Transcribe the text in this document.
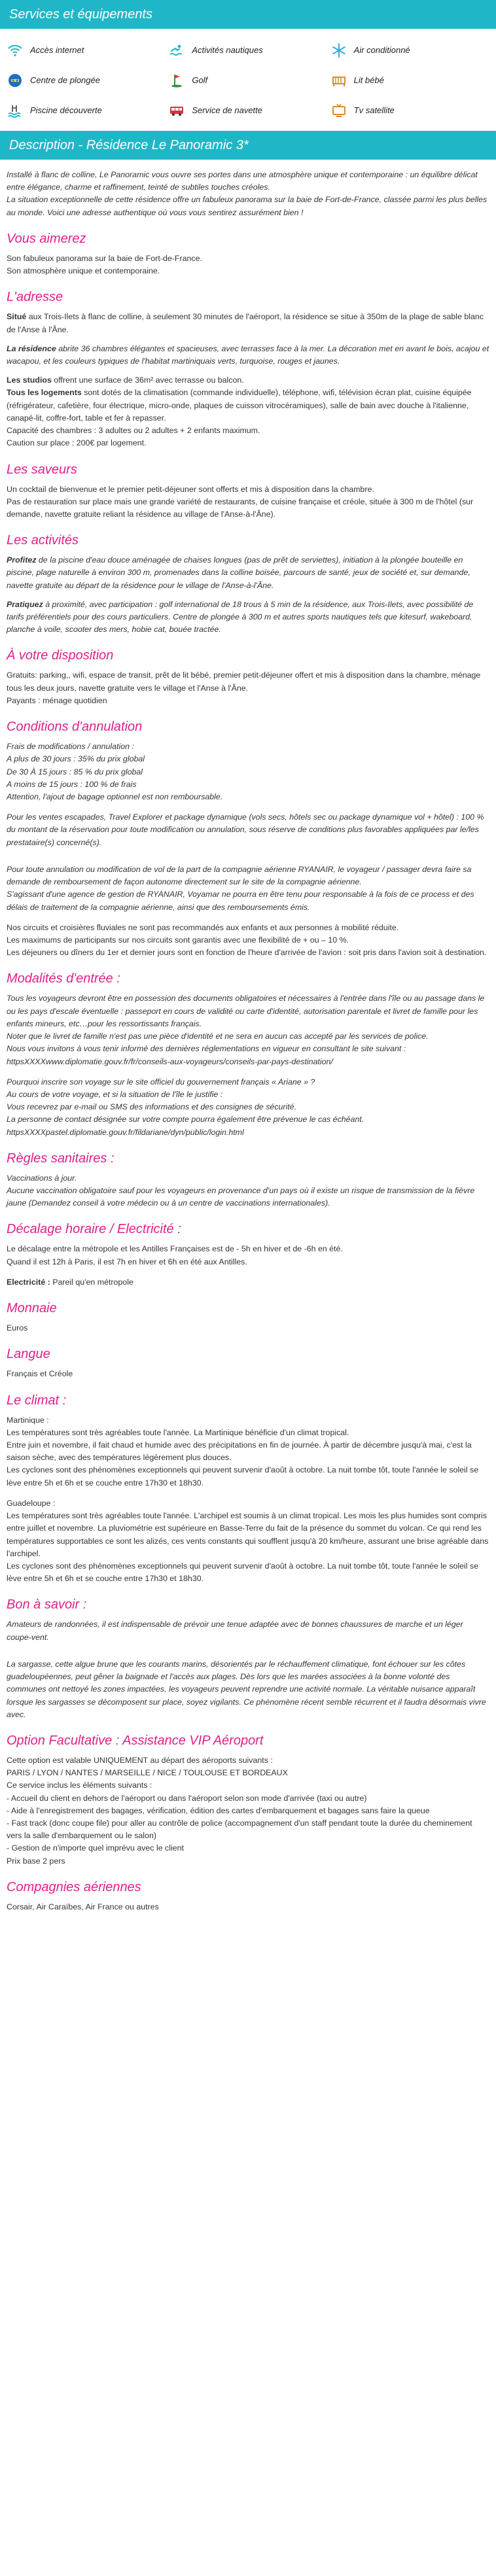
Services et équipements
Accès internet	Activités nautiques	Air conditionné
Centre de plongée	Golf	Lit bébé
Piscine découverte	Service de navette	Tv satellite
Description - Résidence Le Panoramic 3*
Installé à flanc de colline, Le Panoramic vous ouvre ses portes dans une atmosphère unique et contemporaine : un équilibre délicat entre élégance, charme et raffinement, teinté de subtiles touches créoles.
La situation exceptionnelle de cette résidence offre un fabuleux panorama sur la baie de Fort-de-France, classée parmi les plus belles au monde. Voici une adresse authentique où vous vous sentirez assurément bien !
Vous aimerez

Son fabuleux panorama sur la baie de Fort-de-France.

Son atmosphère unique et contemporaine.

L'adresse

Situé aux Trois-Ilets à flanc de colline, à seulement 30 minutes de l'aéroport, la résidence se situe à 350m de la plage de sable blanc de l'Anse à l'Âne.

La résidence abrite 36 chambres élégantes et spacieuses, avec terrasses face à la mer. La décoration met en avant le bois, acajou et wacapou, et les couleurs typiques de l'habitat martiniquais verts, turquoise, rouges et jaunes.

Les studios offrent une surface de 36m² avec terrasse ou balcon.

Tous les logements sont dotés de la climatisation (commande individuelle), téléphone, wifi, télévision écran plat, cuisine équipée (réfrigérateur, cafetière, four électrique, micro-onde, plaques de cuisson vitrocéramiques), salle de bain avec douche à l'italienne, canapé-lit, coffre-fort, table et fer à repasser.

Capacité des chambres : 3 adultes ou 2 adultes + 2 enfants maximum.

Caution sur place : 200€ par logement.

Les saveurs

Un cocktail de bienvenue et le premier petit-déjeuner sont offerts et mis à disposition dans la chambre.

Pas de restauration sur place mais une grande variété de restaurants, de cuisine française et créole, située à 300 m de l'hôtel (sur demande, navette gratuite reliant la résidence au village de l'Anse-à-l'Âne).

Les activités

Profitez de la piscine d'eau douce aménagée de chaises longues (pas de prêt de serviettes), initiation à la plongée bouteille en piscine, plage naturelle à environ 300 m, promenades dans la colline boisée, parcours de santé, jeux de société et, sur demande, navette gratuite au départ de la résidence pour le village de l'Anse-à-l'Âne.

Pratiquez à proximité, avec participation : golf international de 18 trous à 5 min de la résidence, aux Trois-Ilets, avec possibilité de tarifs préférentiels pour des cours particuliers. Centre de plongée à 300 m et autres sports nautiques tels que kitesurf, wakeboard, planche à voile, scooter des mers, hobie cat, bouée tractée.

À votre disposition

Gratuits: parking,, wifi, espace de transit, prêt de lit bébé, premier petit-déjeuner offert et mis à disposition dans la chambre, ménage tous les deux jours, navette gratuite vers le village et l'Anse à l'Âne.

Payants : ménage quotidien

Conditions d'annulation

Frais de modifications / annulation :

A plus de 30 jours : 35% du prix global

De 30 À 15 jours : 85 % du prix global

A moins de 15 jours : 100 % de frais

Attention, l'ajout de bagage optionnel est non remboursable.

Pour les ventes escapades, Travel Explorer et package dynamique (vols secs, hôtels sec ou package dynamique vol + hôtel) : 100 % du montant de la réservation pour toute modification ou annulation, sous réserve de conditions plus favorables appliquées par le/les prestataire(s) concerné(s).

Pour toute annulation ou modification de vol de la part de la compagnie aérienne RYANAIR, le voyageur / passager devra faire sa demande de remboursement de façon autonome directement sur le site de la compagnie aérienne.

S'agissant d'une agence de gestion de RYANAIR, Voyamar ne pourra en être tenu pour responsable à la fois de ce process et des délais de traitement de la compagnie aérienne, ainsi que des remboursements émis.

Nos circuits et croisières fluviales ne sont pas recommandés aux enfants et aux personnes à mobilité réduite.

Les maximums de participants sur nos circuits sont garantis avec une flexibilité de + ou – 10 %.

Les déjeuners ou dîners du 1er et dernier jours sont en fonction de l'heure d'arrivée de l'avion : soit pris dans l'avion soit à destination.

Modalités d'entrée :

Tous les voyageurs devront être en possession des documents obligatoires et nécessaires à l'entrée dans l'île ou au passage dans le ou les pays d'escale éventuelle : passeport en cours de validité ou carte d'identité, autorisation parentale et livret de famille pour les enfants mineurs, etc…pour les ressortissants français.

Noter que le livret de famille n'est pas une pièce d'identité et ne sera en aucun cas accepté par les services de police.

Nous vous invitons à vous tenir informé des dernières réglementations en vigueur en consultant le site suivant : httpsXXXXwww.diplomatie.gouv.fr/fr/conseils-aux-voyageurs/conseils-par-pays-destination/

Pourquoi inscrire son voyage sur le site officiel du gouvernement français « Ariane » ?

Au cours de votre voyage, et si la situation de l'île le justifie :

Vous recevrez par e-mail ou SMS des informations et des consignes de sécurité.

La personne de contact désignée sur votre compte pourra également être prévenue le cas échéant.

httpsXXXXpastel.diplomatie.gouv.fr/fildariane/dyn/public/login.html

Règles sanitaires :

Vaccinations à jour.

Aucune vaccination obligatoire sauf pour les voyageurs en provenance d'un pays où il existe un risque de transmission de la fièvre jaune (Demandez conseil à votre médecin ou à un centre de vaccinations internationales).

Décalage horaire / Electricité :

Le décalage entre la métropole et les Antilles Françaises est de - 5h en hiver et de -6h en été.

Quand il est 12h à Paris, il est 7h en hiver et 6h en été aux Antilles.

Electricité : Pareil qu'en métropole

Monnaie

Euros

Langue

Français et Créole

Le climat :

Martinique :

Les températures sont très agréables toute l'année. La Martinique bénéficie d'un climat tropical.

Entre juin et novembre, il fait chaud et humide avec des précipitations en fin de journée. À partir de décembre jusqu'à mai, c'est la saison sèche, avec des températures légèrement plus douces.

Les cyclones sont des phénomènes exceptionnels qui peuvent survenir d'août à octobre. La nuit tombe tôt, toute l'année le soleil se lève entre 5h et 6h et se couche entre 17h30 et 18h30.

Guadeloupe :

Les températures sont très agréables toute l'année. L'archipel est soumis à un climat tropical. Les mois les plus humides sont compris entre juillet et novembre. La pluviométrie est supérieure en Basse-Terre du fait de la présence du sommet du volcan. Ce qui rend les températures supportables ce sont les alizés, ces vents constants qui soufflent jusqu'à 20 km/heure, assurant une brise agréable dans l'archipel.

Les cyclones sont des phénomènes exceptionnels qui peuvent survenir d'août à octobre. La nuit tombe tôt, toute l'année le soleil se lève entre 5h et 6h et se couche entre 17h30 et 18h30.

Bon à savoir :

Amateurs de randonnées, il est indispensable de prévoir une tenue adaptée avec de bonnes chaussures de marche et un léger coupe-vent.

La sargasse, cette algue brune que les courants marins, désorientés par le réchauffement climatique, font échouer sur les côtes guadeloupéennes, peut gêner la baignade et l'accès aux plages. Dès lors que les marées associées à la bonne volonté des communes ont nettoyé les zones impactées, les voyageurs peuvent reprendre une activité normale. La véritable nuisance apparaît lorsque les sargasses se décomposent sur place, soyez vigilants. Ce phénomène récent semble récurrent et il faudra désormais vivre avec.

Option Facultative : Assistance VIP Aéroport

Cette option est valable UNIQUEMENT au départ des aéroports suivants :

PARIS / LYON / NANTES / MARSEILLE / NICE / TOULOUSE ET BORDEAUX

Ce service inclus les éléments suivants :

- Accueil du client en dehors de l'aéroport ou dans l'aéroport selon son mode d'arrivée (taxi ou autre)

- Aide à l'enregistrement des bagages, vérification, édition des cartes d'embarquement et bagages sans faire la queue

- Fast track (donc coupe file) pour aller au contrôle de police (accompagnement d'un staff pendant toute la durée du cheminement vers la salle d'embarquement ou le salon)

- Gestion de n'importe quel imprévu avec le client

Prix base 2 pers

Compagnies aériennes

Corsair, Air Caraïbes, Air France ou autres
